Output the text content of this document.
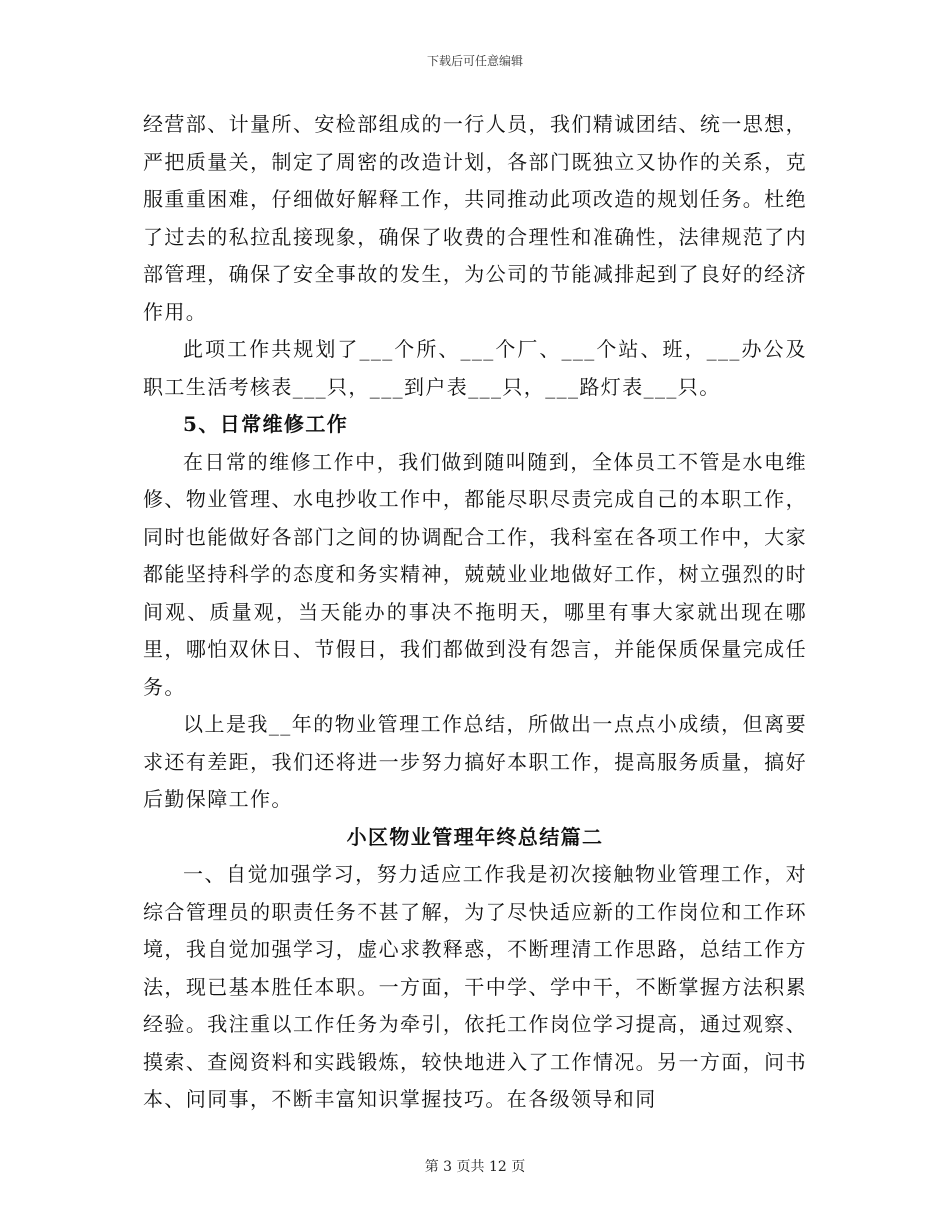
下载后可任意编辑

经营部、计量所、安检部组成的一行人员，我们精诚团结、统一思想，严把质量关，制定了周密的改造计划，各部门既独立又协作的关系，克服重重困难，仔细做好解释工作，共同推动此项改造的规划任务。杜绝了过去的私拉乱接现象，确保了收费的合理性和准确性，法律规范了内部管理，确保了安全事故的发生，为公司的节能减排起到了良好的经济作用。

此项工作共规划了___个所、___个厂、___个站、班，___办公及职工生活考核表___只，___到户表___只，___路灯表___只。

5、日常维修工作

在日常的维修工作中，我们做到随叫随到，全体员工不管是水电维修、物业管理、水电抄收工作中，都能尽职尽责完成自己的本职工作，同时也能做好各部门之间的协调配合工作，我科室在各项工作中，大家都能坚持科学的态度和务实精神，兢兢业业地做好工作，树立强烈的时间观、质量观，当天能办的事决不拖明天，哪里有事大家就出现在哪里，哪怕双休日、节假日，我们都做到没有怨言，并能保质保量完成任务。

以上是我__年的物业管理工作总结，所做出一点点小成绩，但离要求还有差距，我们还将进一步努力搞好本职工作，提高服务质量，搞好后勤保障工作。

小区物业管理年终总结篇二

一、自觉加强学习，努力适应工作我是初次接触物业管理工作，对综合管理员的职责任务不甚了解，为了尽快适应新的工作岗位和工作环境，我自觉加强学习，虚心求教释惑，不断理清工作思路，总结工作方法，现已基本胜任本职。一方面，干中学、学中干，不断掌握方法积累经验。我注重以工作任务为牵引，依托工作岗位学习提高，通过观察、摸索、查阅资料和实践锻炼，较快地进入了工作情况。另一方面，问书本、问同事，不断丰富知识掌握技巧。在各级领导和同

第 3 页共 12 页
